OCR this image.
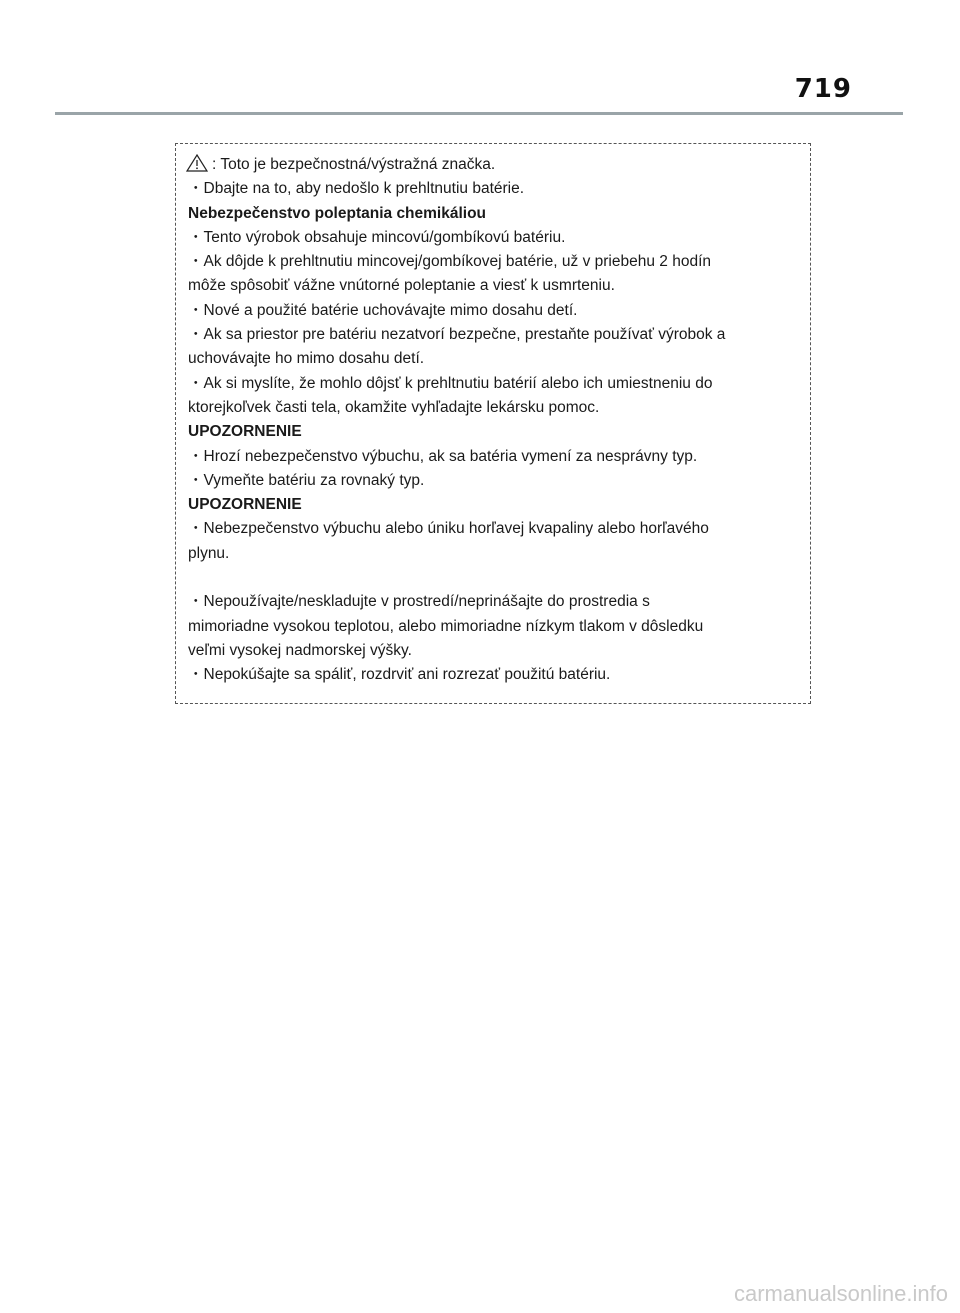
719
: Toto je bezpečnostná/výstražná značka.
・Dbajte na to, aby nedošlo k prehltnutiu batérie.
Nebezpečenstvo poleptania chemikáliou
・Tento výrobok obsahuje mincovú/gombíkovú batériu.
・Ak dôjde k prehltnutiu mincovej/gombíkovej batérie, už v priebehu 2 hodín
môže spôsobiť vážne vnútorné poleptanie a viesť k usmrteniu.
・Nové a použité batérie uchovávajte mimo dosahu detí.
・Ak sa priestor pre batériu nezatvorí bezpečne, prestaňte používať výrobok a
uchovávajte ho mimo dosahu detí.
・Ak si myslíte, že mohlo dôjsť k prehltnutiu batérií alebo ich umiestneniu do
ktorejkoľvek časti tela, okamžite vyhľadajte lekársku pomoc.
UPOZORNENIE
・Hrozí nebezpečenstvo výbuchu, ak sa batéria vymení za nesprávny typ.
・Vymeňte batériu za rovnaký typ.
UPOZORNENIE
・Nebezpečenstvo výbuchu alebo úniku horľavej kvapaliny alebo horľavého
plynu.
・Nepoužívajte/neskladujte v prostredí/neprinášajte do prostredia s
mimoriadne vysokou teplotou, alebo mimoriadne nízkym tlakom v dôsledku
veľmi vysokej nadmorskej výšky.
・Nepokúšajte sa spáliť, rozdrviť ani rozrezať použitú batériu.
carmanualsonline.info
